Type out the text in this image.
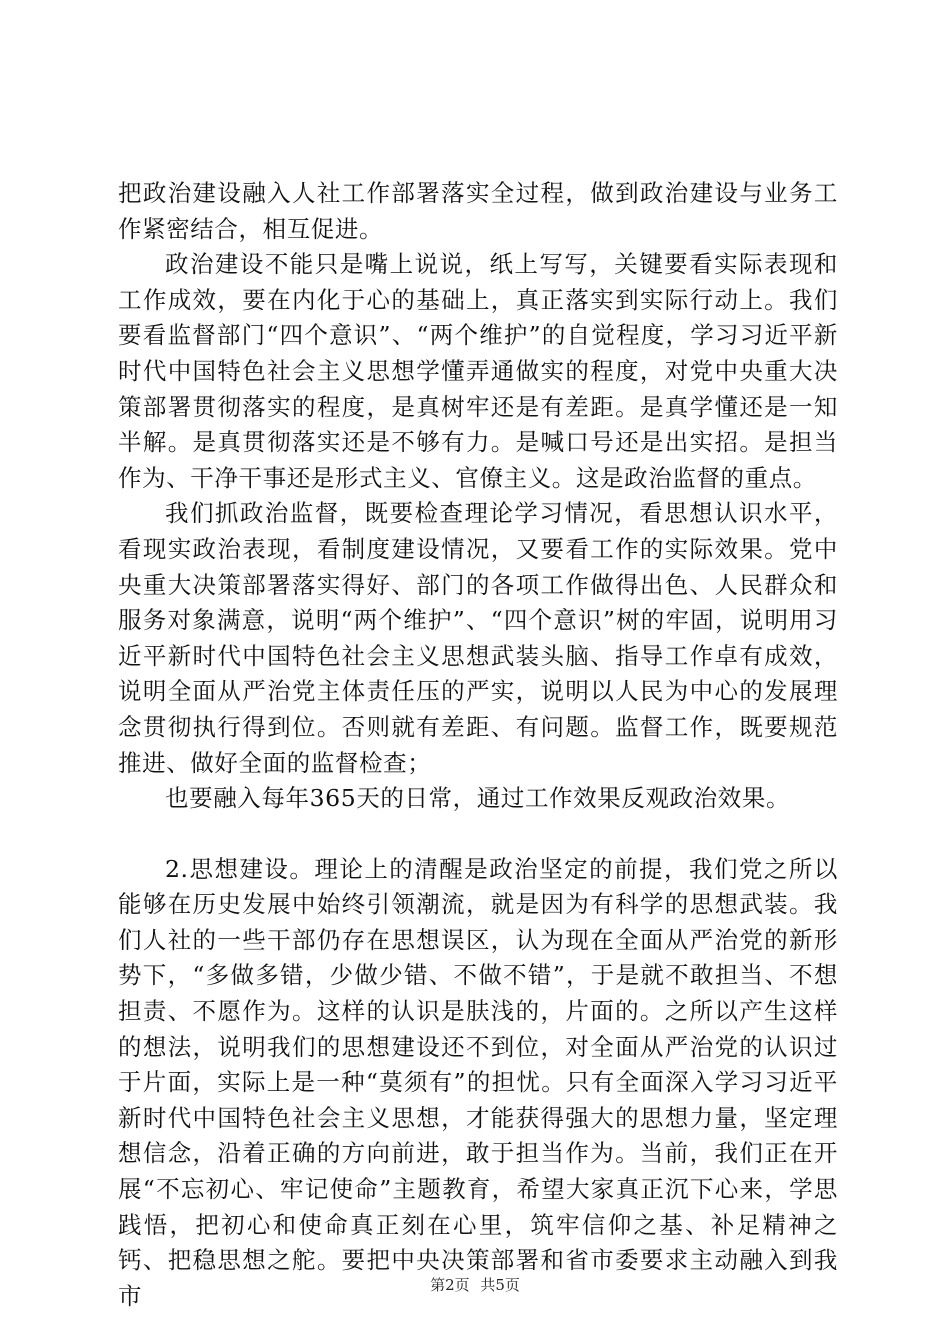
把政治建设融入人社工作部署落实全过程，做到政治建设与业务工作紧密结合，相互促进。

政治建设不能只是嘴上说说，纸上写写，关键要看实际表现和工作成效，要在内化于心的基础上，真正落实到实际行动上。我们要看监督部门“四个意识”、“两个维护”的自觉程度，学习习近平新时代中国特色社会主义思想学懂弄通做实的程度，对党中央重大决策部署贯彻落实的程度，是真树牢还是有差距。是真学懂还是一知半解。是真贯彻落实还是不够有力。是喊口号还是出实招。是担当作为、干净干事还是形式主义、官僚主义。这是政治监督的重点。

我们抓政治监督，既要检查理论学习情况，看思想认识水平，看现实政治表现，看制度建设情况，又要看工作的实际效果。党中央重大决策部署落实得好、部门的各项工作做得出色、人民群众和服务对象满意，说明“两个维护”、“四个意识”树的牢固，说明用习近平新时代中国特色社会主义思想武装头脑、指导工作卓有成效，说明全面从严治党主体责任压的严实，说明以人民为中心的发展理念贯彻执行得到位。否则就有差距、有问题。监督工作，既要规范推进、做好全面的监督检查；

也要融入每年365天的日常，通过工作效果反观政治效果。

2.思想建设。理论上的清醒是政治坚定的前提，我们党之所以能够在历史发展中始终引领潮流，就是因为有科学的思想武装。我们人社的一些干部仍存在思想误区，认为现在全面从严治党的新形势下，“多做多错，少做少错、不做不错”，于是就不敢担当、不想担责、不愿作为。这样的认识是肤浅的，片面的。之所以产生这样的想法，说明我们的思想建设还不到位，对全面从严治党的认识过于片面，实际上是一种“莫须有”的担忧。只有全面深入学习习近平新时代中国特色社会主义思想，才能获得强大的思想力量，坚定理想信念，沿着正确的方向前进，敢于担当作为。当前，我们正在开展“不忘初心、牢记使命”主题教育，希望大家真正沉下心来，学思践悟，把初心和使命真正刻在心里，筑牢信仰之基、补足精神之钙、把稳思想之舵。要把中央决策部署和省市委要求主动融入到我市	第2页 共5页
